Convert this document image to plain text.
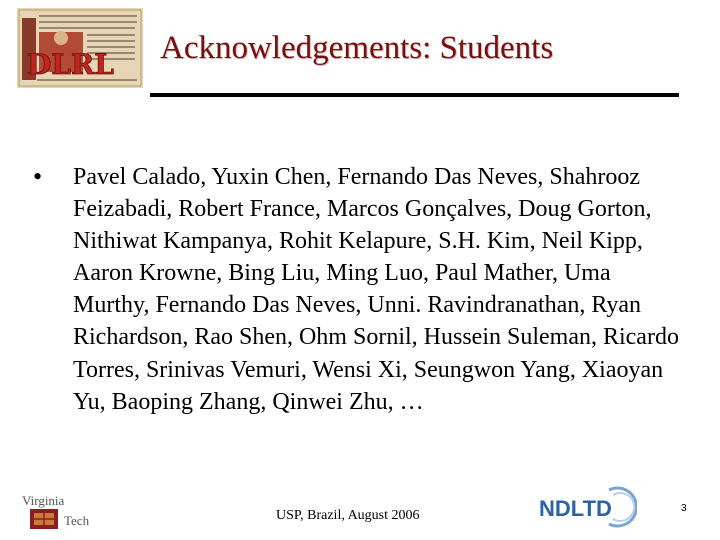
DLRL Acknowledgements: Students
• Pavel Calado, Yuxin Chen, Fernando Das Neves, Shahrooz Feizabadi, Robert France, Marcos Gonçalves, Doug Gorton, Nithiwat Kampanya, Rohit Kelapure, S.H. Kim, Neil Kipp, Aaron Krowne, Bing Liu, Ming Luo, Paul Mather, Uma Murthy, Fernando Das Neves, Unni. Ravindranathan, Ryan Richardson, Rao Shen, Ohm Sornil, Hussein Suleman, Ricardo Torres, Srinivas Vemuri, Wensi Xi, Seungwon Yang, Xiaoyan Yu, Baoping Zhang, Qinwei Zhu, …
Virginia
Tech	USP, Brazil, August 2006	NDLTD	3
